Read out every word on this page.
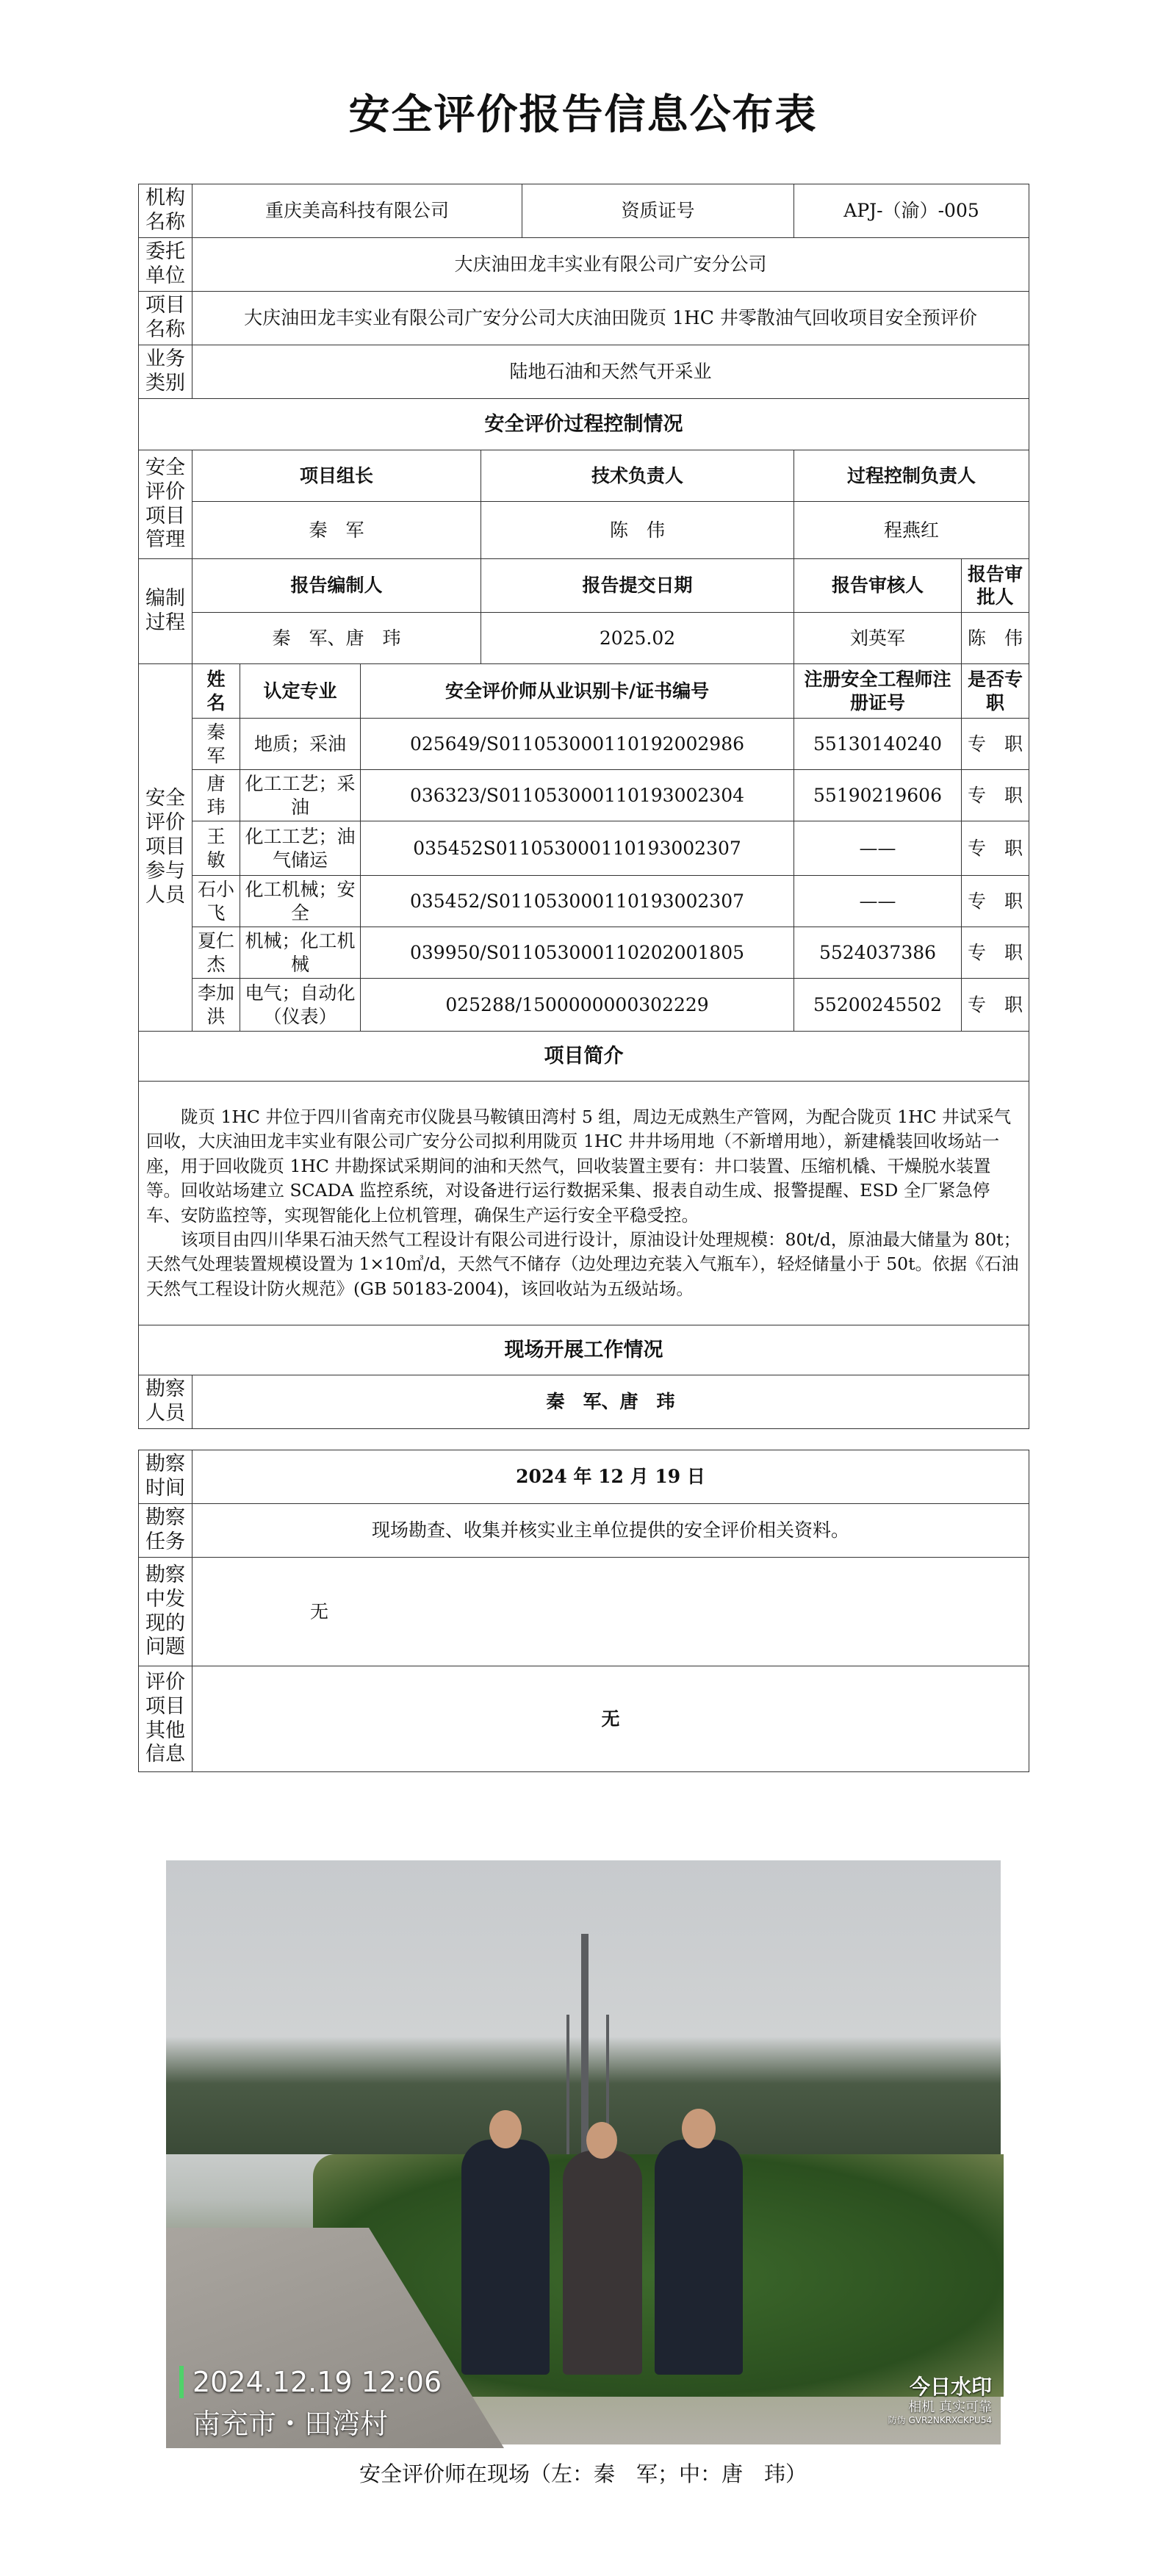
安全评价报告信息公布表
机构名称	重庆美高科技有限公司				资质证号	APJ-（渝）-005	
委托单位	大庆油田龙丰实业有限公司广安分公司						
项目名称	大庆油田龙丰实业有限公司广安分公司大庆油田陇页 1HC 井零散油气回收项目安全预评价						
业务类别	陆地石油和天然气开采业						
安全评价过程控制情况							
安全评价项目管理	项目组长			技术负责人		过程控制负责人	
	秦　军			陈　伟		程燕红	
编制过程	报告编制人			报告提交日期		报告审核人	报告审批人
	秦　军、唐　玮			2025.02		刘英军	陈　伟
安全评价项目参与人员	姓　名	认定专业	安全评价师从业识别卡/证书编号			注册安全工程师注册证号	是否专职
	秦　军	地质；采油	025649/S011053000110192002986			55130140240	专　职
	唐　玮	化工工艺；采油	036323/S011053000110193002304			55190219606	专　职
	王　敏	化工工艺；油气储运	035452S011053000110193002307			——	专　职
	石小飞	化工机械；安全	035452/S011053000110193002307			——	专　职
	夏仁杰	机械；化工机械	039950/S011053000110202001805			5524037386	专　职
	李加洪	电气；自动化（仪表）	025288/1500000000302229			55200245502	专　职
项目简介							

陇页 1HC 井位于四川省南充市仪陇县马鞍镇田湾村 5 组，周边无成熟生产管网，为配合陇页 1HC 井试采气回收，大庆油田龙丰实业有限公司广安分公司拟利用陇页 1HC 井井场用地（不新增用地），新建橇装回收场站一座，用于回收陇页 1HC 井勘探试采期间的油和天然气，回收装置主要有：井口装置、压缩机橇、干燥脱水装置等。回收站场建立 SCADA 监控系统，对设备进行运行数据采集、报表自动生成、报警提醒、ESD 全厂紧急停车、安防监控等，实现智能化上位机管理，确保生产运行安全平稳受控。

该项目由四川华果石油天然气工程设计有限公司进行设计，原油设计处理规模：80t/d，原油最大储量为 80t；天然气处理装置规模设置为 1×10㎥/d，天然气不储存（边处理边充装入气瓶车），轻烃储量小于 50t。依据《石油天然气工程设计防火规范》(GB 50183-2004)，该回收站为五级站场。							

现场开展工作情况							
勘察人员	秦　军、唐　玮						
勘察时间	2024 年 12 月 19 日
勘察任务	现场勘查、收集并核实业主单位提供的安全评价相关资料。
勘察中发现的问题	无
评价项目其他信息	无
2024.12.19 12:06
南充市・田湾村
今日水印
相机 真实可靠
防伪 GVR2NKRXCKPU54
安全评价师在现场（左：秦　军；中：唐　玮）
